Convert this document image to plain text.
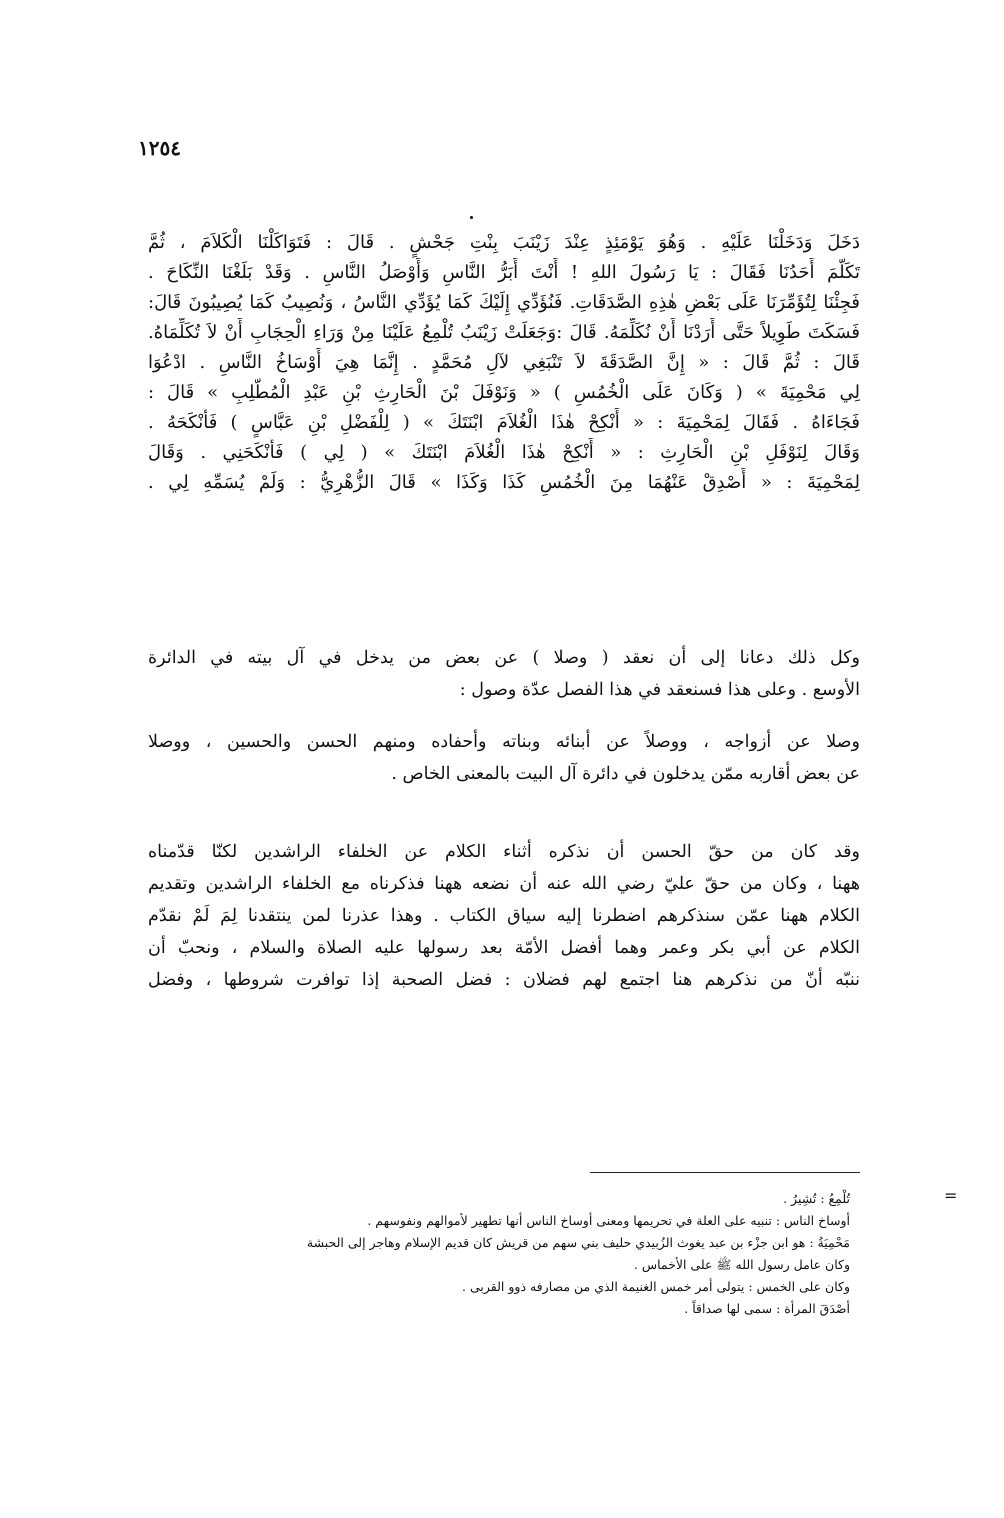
١٢٥٤
دَخَلَ وَدَخَلْنَا عَلَيْهِ . وَهُوَ يَوْمَئِذٍ عِنْدَ زَيْنَبَ بِنْتِ جَحْشٍ . قَالَ : فَتَوَاكَلْنَا الْكَلاَمَ ، ثُمَّ
تَكَلَّمَ أَحَدُنَا فَقَالَ : يَا رَسُولَ اللهِ ! أَنْتَ أَبَرُّ النَّاسِ وَأَوْصَلُ النَّاسِ . وَقَدْ بَلَغْنَا النِّكَاحَ .
فَجِئْنَا لِتُؤَمِّرَنَا عَلَى بَعْضِ هٰذِهِ الصَّدَقَاتِ. فَنُؤَدِّي إِلَيْكَ كَمَا يُؤَدِّي النَّاسُ ، وَنُصِيبُ كَمَا يُصِيبُونَ قَالَ:
فَسَكَتَ طَوِيلاً حَتَّى أَرَدْنَا أَنْ نُكَلِّمَهُ. قَالَ :وَجَعَلَتْ زَيْنَبُ تُلْمِعُ عَلَيْنَا مِنْ وَرَاءِ الْحِجَابِ أَنْ لاَ تُكَلِّمَاهُ.
قَالَ : ثُمَّ قَالَ : « إِنَّ الصَّدَقَةَ لاَ تَنْبَغِي لآلِ مُحَمَّدٍ . إِنَّمَا هِيَ أَوْسَاخُ النَّاسِ . ادْعُوَا
لِي مَحْمِيَةَ » ( وَكَانَ عَلَى الْخُمُسِ ) « وَنَوْفَلَ بْنَ الْحَارِثِ بْنِ عَبْدِ الْمُطَّلِبِ » قَالَ :
فَجَاءَاهُ . فَقَالَ لِمَحْمِيَةَ : « أَنْكِحْ هٰذَا الْغُلاَمَ ابْنَتَكَ » ( لِلْفَضْلِ بْنِ عَبَّاسٍ ) فَأَنْكَحَهُ .
وَقَالَ لِنَوْفَلِ بْنِ الْحَارِثِ : « أَنْكِحْ هٰذَا الْغُلاَمَ ابْنَتَكَ » ( لِي ) فَأَنْكَحَنِي . وَقَالَ
لِمَحْمِيَةَ : « أَصْدِقْ عَنْهُمَا مِنَ الْخُمُسِ كَذَا وَكَذَا » قَالَ الزُّهْرِيُّ : وَلَمْ يُسَمِّهِ لِي .
وكل ذلك دعانا إلى أن نعقد ( وصلا ) عن بعض من يدخل في آل بيته في الدائرة
الأوسع . وعلى هذا فسنعقد في هذا الفصل عدّة وصول :
وصلا عن أزواجه ، ووصلاً عن أبنائه وبناته وأحفاده ومنهم الحسن والحسين ، ووصلا
عن بعض أقاربه ممّن يدخلون في دائرة آل البيت بالمعنى الخاص .
وقد كان من حقّ الحسن أن نذكره أثناء الكلام عن الخلفاء الراشدين لكنّا قدّمناه
ههنا ، وكان من حقّ عليّ رضي الله عنه أن نضعه ههنا فذكرناه مع الخلفاء الراشدين وتقديم
الكلام ههنا عمّن سنذكرهم اضطرنا إليه سياق الكتاب . وهذا عذرنا لمن ينتقدنا لِمَ لَمْ نقدّم
الكلام عن أبي بكر وعمر وهما أفضل الأمّة بعد رسولها عليه الصلاة والسلام ، ونحبّ أن
ننبّه أنّ من نذكرهم هنا اجتمع لهم فضلان : فضل الصحبة إذا توافرت شروطها ، وفضل
=
تُلْمِعُ : تُشِيرُ .
أوساخ الناس : تنبيه على العلة في تحريمها ومعنى أوساخ الناس أنها تطهير لأموالهم ونفوسهم .
مَحْمِيَةُ : هو ابن جزْء بن عبد يغوث الزُبيدي حليف بني سهم من قريش كان قديم الإسلام وهاجر إلى الحبشة
وكان عامل رسول الله ﷺ على الأخماس .
وكان على الخمس : يتولى أمر خمس الغنيمة الذي من مصارفه ذوو القربى .
أصْدَقَ المرأة : سمى لها صداقاً .
